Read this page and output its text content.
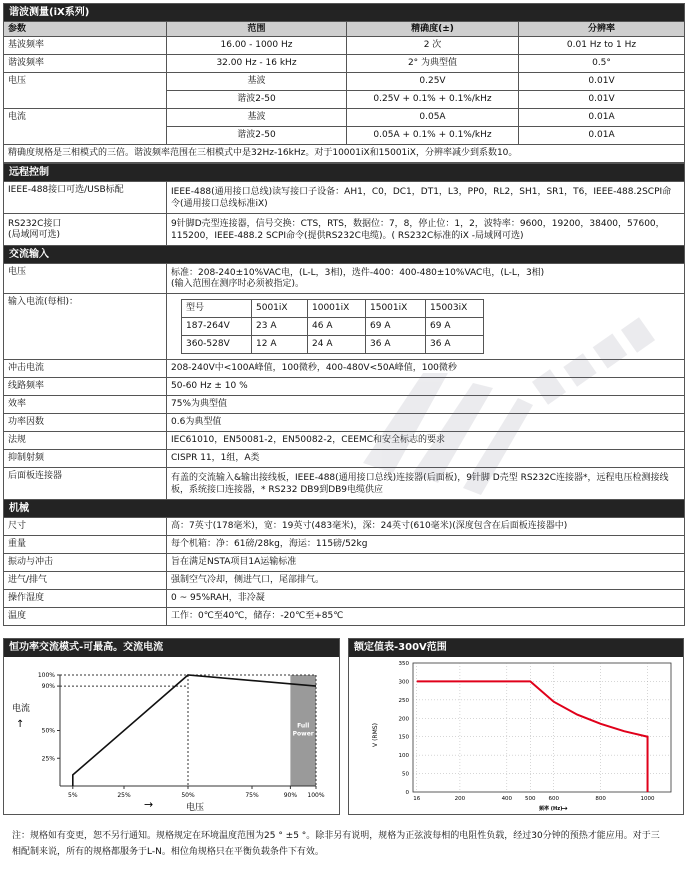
谐波测量(iX系列)			
参数	范围	精确度(±)	分辨率
基波频率	16.00 - 1000 Hz	2 次	0.01 Hz to 1 Hz
谐波频率	32.00 Hz - 16 kHz	2° 为典型值	0.5°
电压	基波	0.25V	0.01V
	谐波2-50	0.25V + 0.1% + 0.1%/kHz	0.01V
电流	基波	0.05A	0.01A
	谐波2-50	0.05A + 0.1% + 0.1%/kHz	0.01A
精确度规格是三相模式的三倍。谐波频率范围在三相模式中是32Hz-16kHz。对于10001iX和15001iX，分辨率减少到系数10。			
远程控制
IEEE-488接口可选/USB标配	IEEE-488(通用接口总线)读写接口子设备：AH1，C0，DC1，DT1，L3，PP0，RL2，SH1，SR1，T6，IEEE-488.2SCPI命令(通用接口总线标准iX)

RS232C接口
(局域网可选)
	9针脚D壳型连接器，信号交换：CTS，RTS，数据位：7，8，停止位：1，2，波特率：9600，19200，38400，57600，115200，IEEE-488.2 SCPI命令(提供RS232C电缆)。( RS232C标准的iX -局域网可选)
交流输入
电压	标准：208-240±10%VAC电，(L-L，3相)，选件-400：400-480±10%VAC电，(L-L，3相)
(输入范围在测序时必须被指定)。

输入电流(每相)：	
型号	5001iX	10001iX	15001iX	15003iX
187-264V	23 A	46 A	69 A	69 A
360-528V	12 A	24 A	36 A	36 A

冲击电流	208-240V中<100A峰值，100微秒，400-480V<50A峰值，100微秒
线路频率	50-60 Hz ± 10 %
效率	75%为典型值
功率因数	0.6为典型值
法规	IEC61010，EN50081-2，EN50082-2，CEEMC和安全标志的要求
抑制射频	CISPR 11，1组，A类
后面板连接器	有盖的交流输入&输出接线板，IEEE-488(通用接口总线)连接器(后面板)，9针脚 D壳型 RS232C连接器*，远程电压检测接线板，系统接口连接器，* RS232 DB9到DB9电缆供应
机械
尺寸	高：7英寸(178毫米)，宽：19英寸(483毫米)，深：24英寸(610毫米)(深度包含在后面板连接器中)
重量	每个机箱：净：61磅/28kg，海运：115磅/52kg
振动与冲击	旨在满足NSTA项目1A运输标准
进气/排气	强制空气冷却，侧进气口，尾部排气。
操作湿度	0 ~ 95%RAH，非冷凝
温度	工作：0℃至40℃，储存：-20℃至+85℃
恒功率交流模式-可最高。交流电流
Full
Power
电流
↑
电压
→
5%	25%	50%	75%	90% 100%
100%
90%
50%
25%
额定值表-300V范围
V (RMS)
频率 (Hz)
→
0
50
100
150
200
250
300
350
16	200	400 500 600	800	1000
注：规格如有变更，恕不另行通知。规格规定在环境温度范围为25 ° ±5 °。除非另有说明，规格为正弦波每相的电阻性负载，经过30分钟的预热才能应用。对于三相配制来说，所有的规格都服务于L-N。相位角规格只在平衡负载条件下有效。
